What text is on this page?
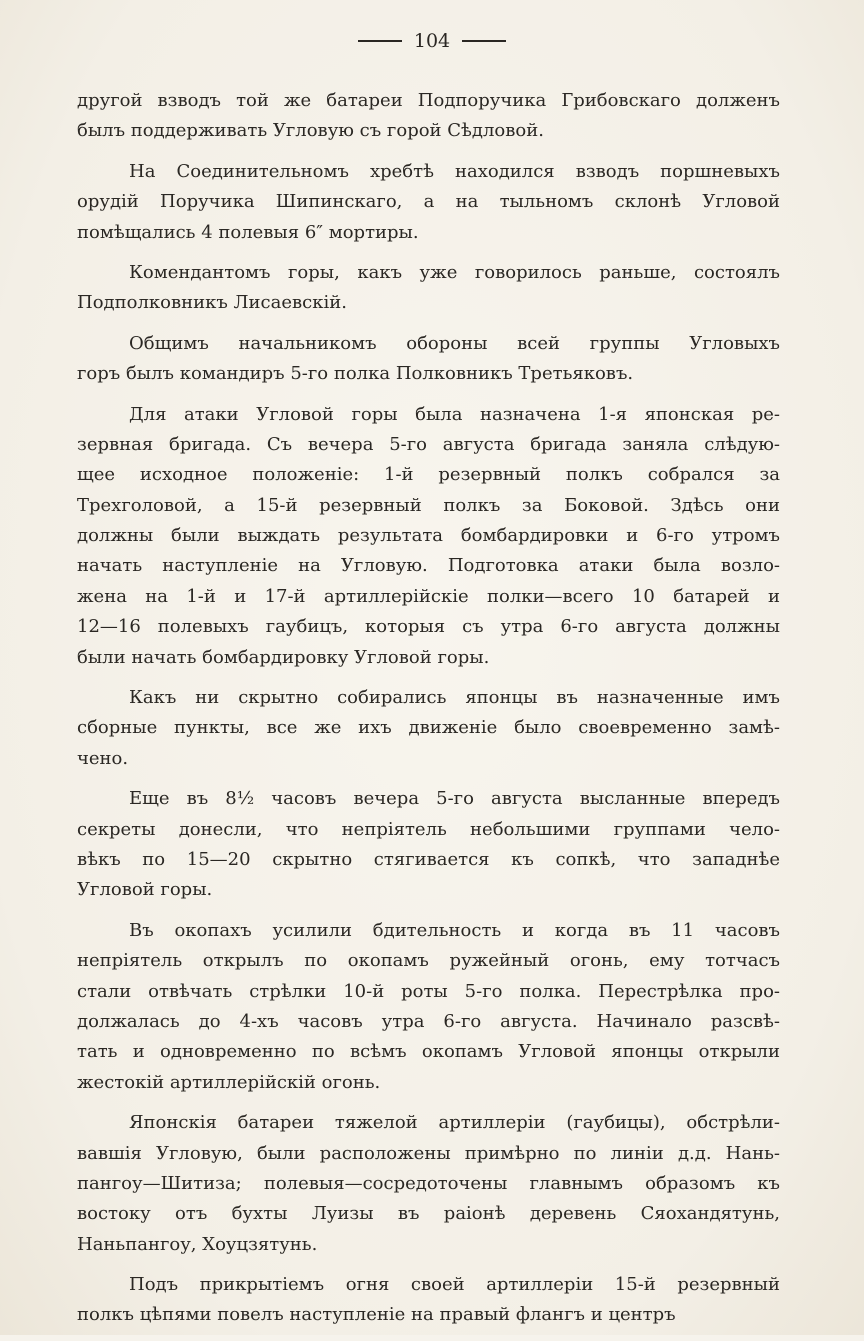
104
другой взводъ той же батареи Подпоручика Грибовскаго долженъ
былъ поддерживать Угловую съ горой Сѣдловой.
На Соединительномъ хребтѣ находился взводъ поршневыхъ
орудій Поручика Шипинскаго, а на тыльномъ склонѣ Угловой
помѣщались 4 полевыя 6″ мортиры.
Комендантомъ горы, какъ уже говорилось раньше, состоялъ
Подполковникъ Лисаевскій.
Общимъ начальникомъ обороны всей группы Угловыхъ
горъ былъ командиръ 5-го полка Полковникъ Третьяковъ.
Для атаки Угловой горы была назначена 1-я японская ре-
зервная бригада. Съ вечера 5-го августа бригада заняла слѣдую-
щее исходное положеніе: 1-й резервный полкъ собрался за
Трехголовой, а 15-й резервный полкъ за Боковой. Здѣсь они
должны были выждать результата бомбардировки и 6-го утромъ
начать наступленіе на Угловую. Подготовка атаки была возло-
жена на 1-й и 17-й артиллерійскіе полки—всего 10 батарей и
12—16 полевыхъ гаубицъ, которыя съ утра 6-го августа должны
были начать бомбардировку Угловой горы.
Какъ ни скрытно собирались японцы въ назначенные имъ
сборные пункты, все же ихъ движеніе было своевременно замѣ-
чено.
Еще въ 8½ часовъ вечера 5-го августа высланные впередъ
секреты донесли, что непріятель небольшими группами чело-
вѣкъ по 15—20 скрытно стягивается къ сопкѣ, что западнѣе
Угловой горы.
Въ окопахъ усилили бдительность и когда въ 11 часовъ
непріятель открылъ по окопамъ ружейный огонь, ему тотчасъ
стали отвѣчать стрѣлки 10-й роты 5-го полка. Перестрѣлка про-
должалась до 4-хъ часовъ утра 6-го августа. Начинало разсвѣ-
тать и одновременно по всѣмъ окопамъ Угловой японцы открыли
жестокій артиллерійскій огонь.
Японскія батареи тяжелой артиллеріи (гаубицы), обстрѣли-
вавшія Угловую, были расположены примѣрно по линіи д.д. Нань-
пангоу—Шитиза; полевыя—сосредоточены главнымъ образомъ къ
востоку отъ бухты Луизы въ раіонѣ деревень Сяохандятунь,
Наньпангоу, Хоуцзятунь.
Подъ прикрытіемъ огня своей артиллеріи 15-й резервный
полкъ цѣпями повелъ наступленіе на правый флангъ и центръ
